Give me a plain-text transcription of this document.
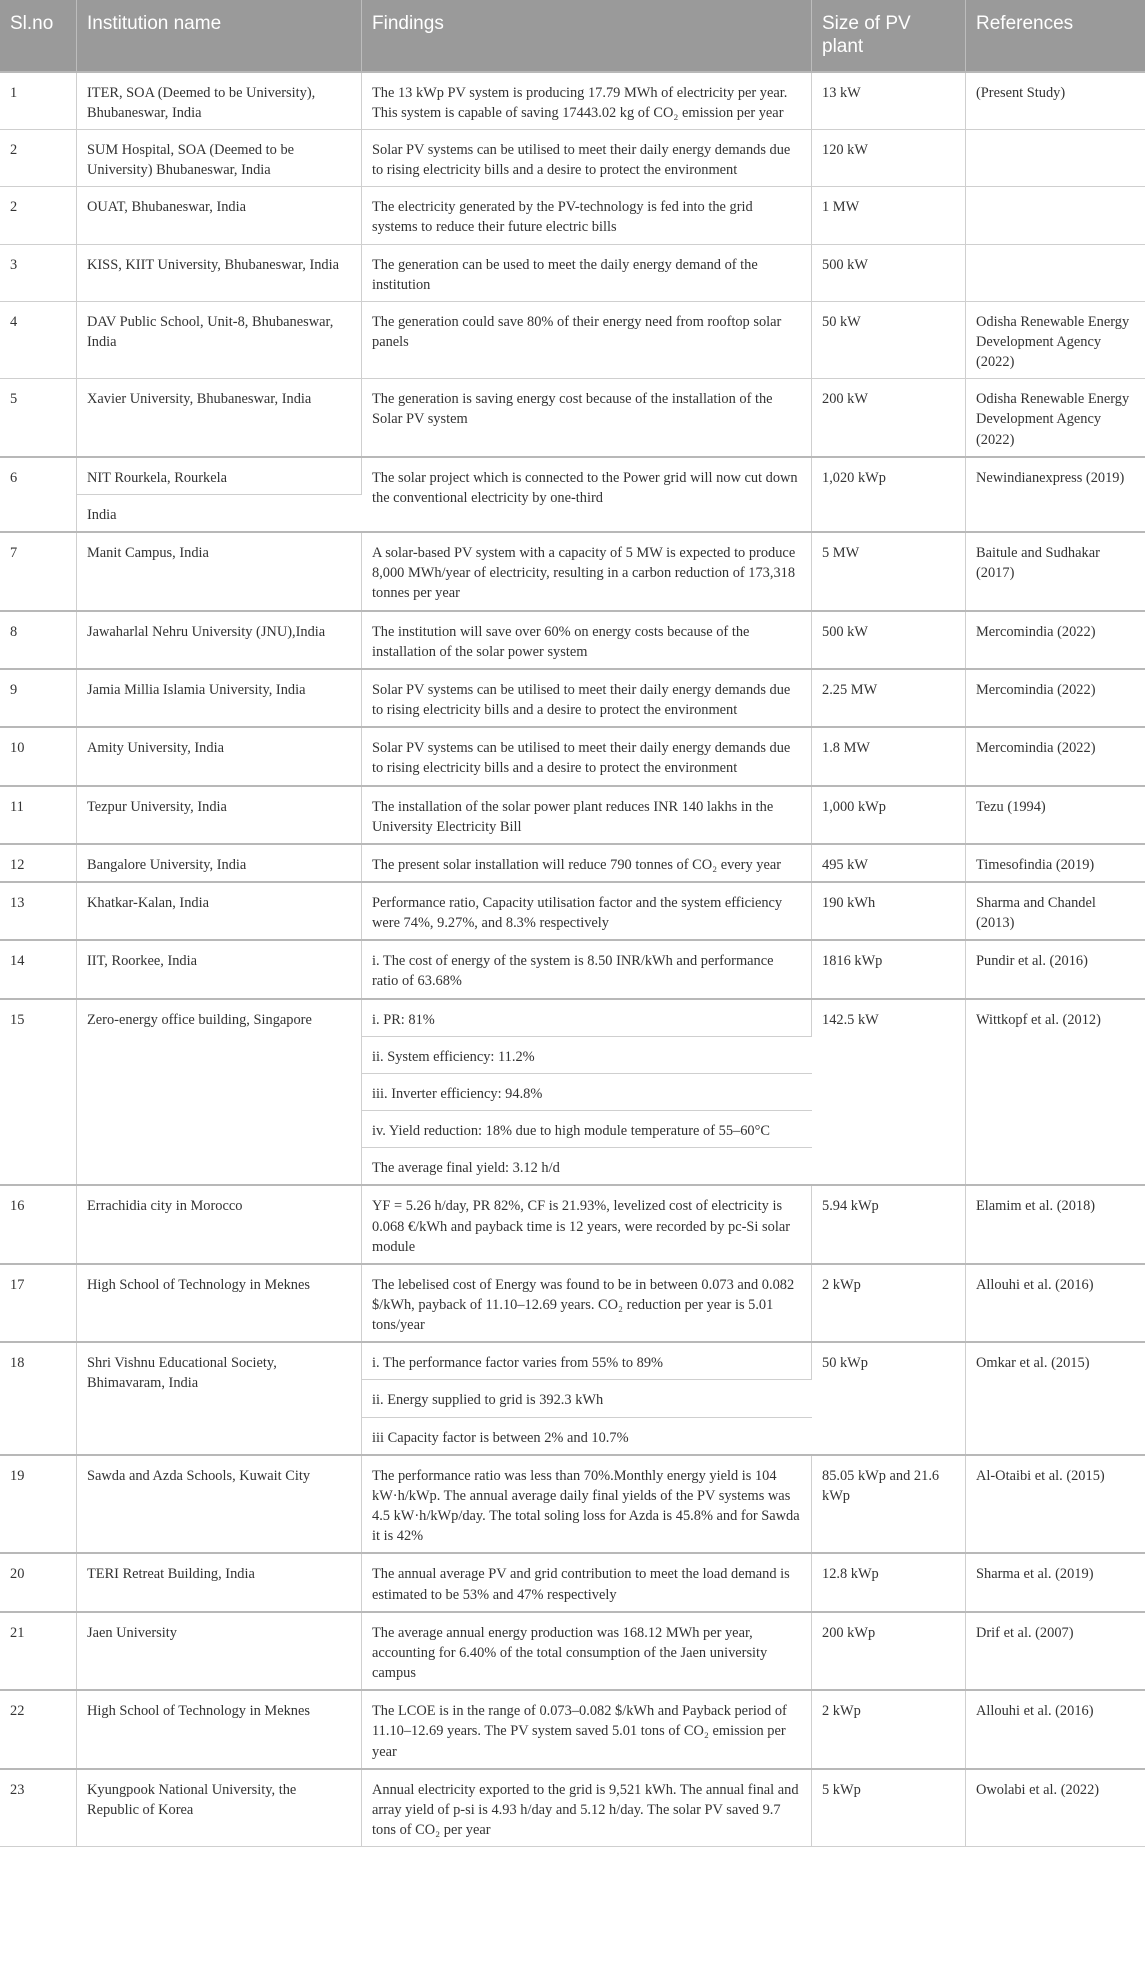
Sl.no	Institution name	Findings	Size of PV plant	References
1	ITER, SOA (Deemed to be University), Bhubaneswar, India	The 13 kWp PV system is producing 17.79 MWh of electricity per year. This system is capable of saving 17443.02 kg of CO₂ emission per year	13 kW	(Present Study)
2	SUM Hospital, SOA (Deemed to be University) Bhubaneswar, India	Solar PV systems can be utilised to meet their daily energy demands due to rising electricity bills and a desire to protect the environment	120 kW	
2	OUAT, Bhubaneswar, India	The electricity generated by the PV-technology is fed into the grid systems to reduce their future electric bills	1 MW	
3	KISS, KIIT University, Bhubaneswar, India	The generation can be used to meet the daily energy demand of the institution	500 kW	
4	DAV Public School, Unit-8, Bhubaneswar, India	The generation could save 80% of their energy need from rooftop solar panels	50 kW	Odisha Renewable Energy Development Agency (2022)
5	Xavier University, Bhubaneswar, India	The generation is saving energy cost because of the installation of the Solar PV system	200 kW	Odisha Renewable Energy Development Agency (2022)
6	NIT Rourkela, Rourkela	The solar project which is connected to the Power grid will now cut down the conventional electricity by one-third	1,020 kWp	Newindianexpress (2019)
	India			
7	Manit Campus, India	A solar-based PV system with a capacity of 5 MW is expected to produce 8,000 MWh/year of electricity, resulting in a carbon reduction of 173,318 tonnes per year	5 MW	Baitule and Sudhakar (2017)
8	Jawaharlal Nehru University (JNU),India	The institution will save over 60% on energy costs because of the installation of the solar power system	500 kW	Mercomindia (2022)
9	Jamia Millia Islamia University, India	Solar PV systems can be utilised to meet their daily energy demands due to rising electricity bills and a desire to protect the environment	2.25 MW	Mercomindia (2022)
10	Amity University, India	Solar PV systems can be utilised to meet their daily energy demands due to rising electricity bills and a desire to protect the environment	1.8 MW	Mercomindia (2022)
11	Tezpur University, India	The installation of the solar power plant reduces INR 140 lakhs in the University Electricity Bill	1,000 kWp	Tezu (1994)
12	Bangalore University, India	The present solar installation will reduce 790 tonnes of CO₂ every year	495 kW	Timesofindia (2019)
13	Khatkar-Kalan, India	Performance ratio, Capacity utilisation factor and the system efficiency were 74%, 9.27%, and 8.3% respectively	190 kWh	Sharma and Chandel (2013)
14	IIT, Roorkee, India	i. The cost of energy of the system is 8.50 INR/kWh and performance ratio of 63.68%	1816 kWp	Pundir et al. (2016)
15	Zero-energy office building, Singapore	i. PR: 81%	142.5 kW	Wittkopf et al. (2012)
		ii. System efficiency: 11.2%		
		iii. Inverter efficiency: 94.8%		
		iv. Yield reduction: 18% due to high module temperature of 55–60°C		
		The average final yield: 3.12 h/d		
16	Errachidia city in Morocco	YF = 5.26 h/day, PR 82%, CF is 21.93%, levelized cost of electricity is 0.068 €/kWh and payback time is 12 years, were recorded by pc-Si solar module	5.94 kWp	Elamim et al. (2018)
17	High School of Technology in Meknes	The lebelised cost of Energy was found to be in between 0.073 and 0.082 $/kWh, payback of 11.10–12.69 years. CO₂ reduction per year is 5.01 tons/year	2 kWp	Allouhi et al. (2016)
18	Shri Vishnu Educational Society, Bhimavaram, India	i. The performance factor varies from 55% to 89%	50 kWp	Omkar et al. (2015)
		ii. Energy supplied to grid is 392.3 kWh		
		iii Capacity factor is between 2% and 10.7%		
19	Sawda and Azda Schools, Kuwait City	The performance ratio was less than 70%.Monthly energy yield is 104 kW·h/kWp. The annual average daily final yields of the PV systems was 4.5 kW·h/kWp/day. The total soling loss for Azda is 45.8% and for Sawda it is 42%	85.05 kWp and 21.6 kWp	Al-Otaibi et al. (2015)
20	TERI Retreat Building, India	The annual average PV and grid contribution to meet the load demand is estimated to be 53% and 47% respectively	12.8 kWp	Sharma et al. (2019)
21	Jaen University	The average annual energy production was 168.12 MWh per year, accounting for 6.40% of the total consumption of the Jaen university campus	200 kWp	Drif et al. (2007)
22	High School of Technology in Meknes	The LCOE is in the range of 0.073–0.082 $/kWh and Payback period of 11.10–12.69 years. The PV system saved 5.01 tons of CO₂ emission per year	2 kWp	Allouhi et al. (2016)
23	Kyungpook National University, the Republic of Korea	Annual electricity exported to the grid is 9,521 kWh. The annual final and array yield of p-si is 4.93 h/day and 5.12 h/day. The solar PV saved 9.7 tons of CO₂ per year	5 kWp	Owolabi et al. (2022)
